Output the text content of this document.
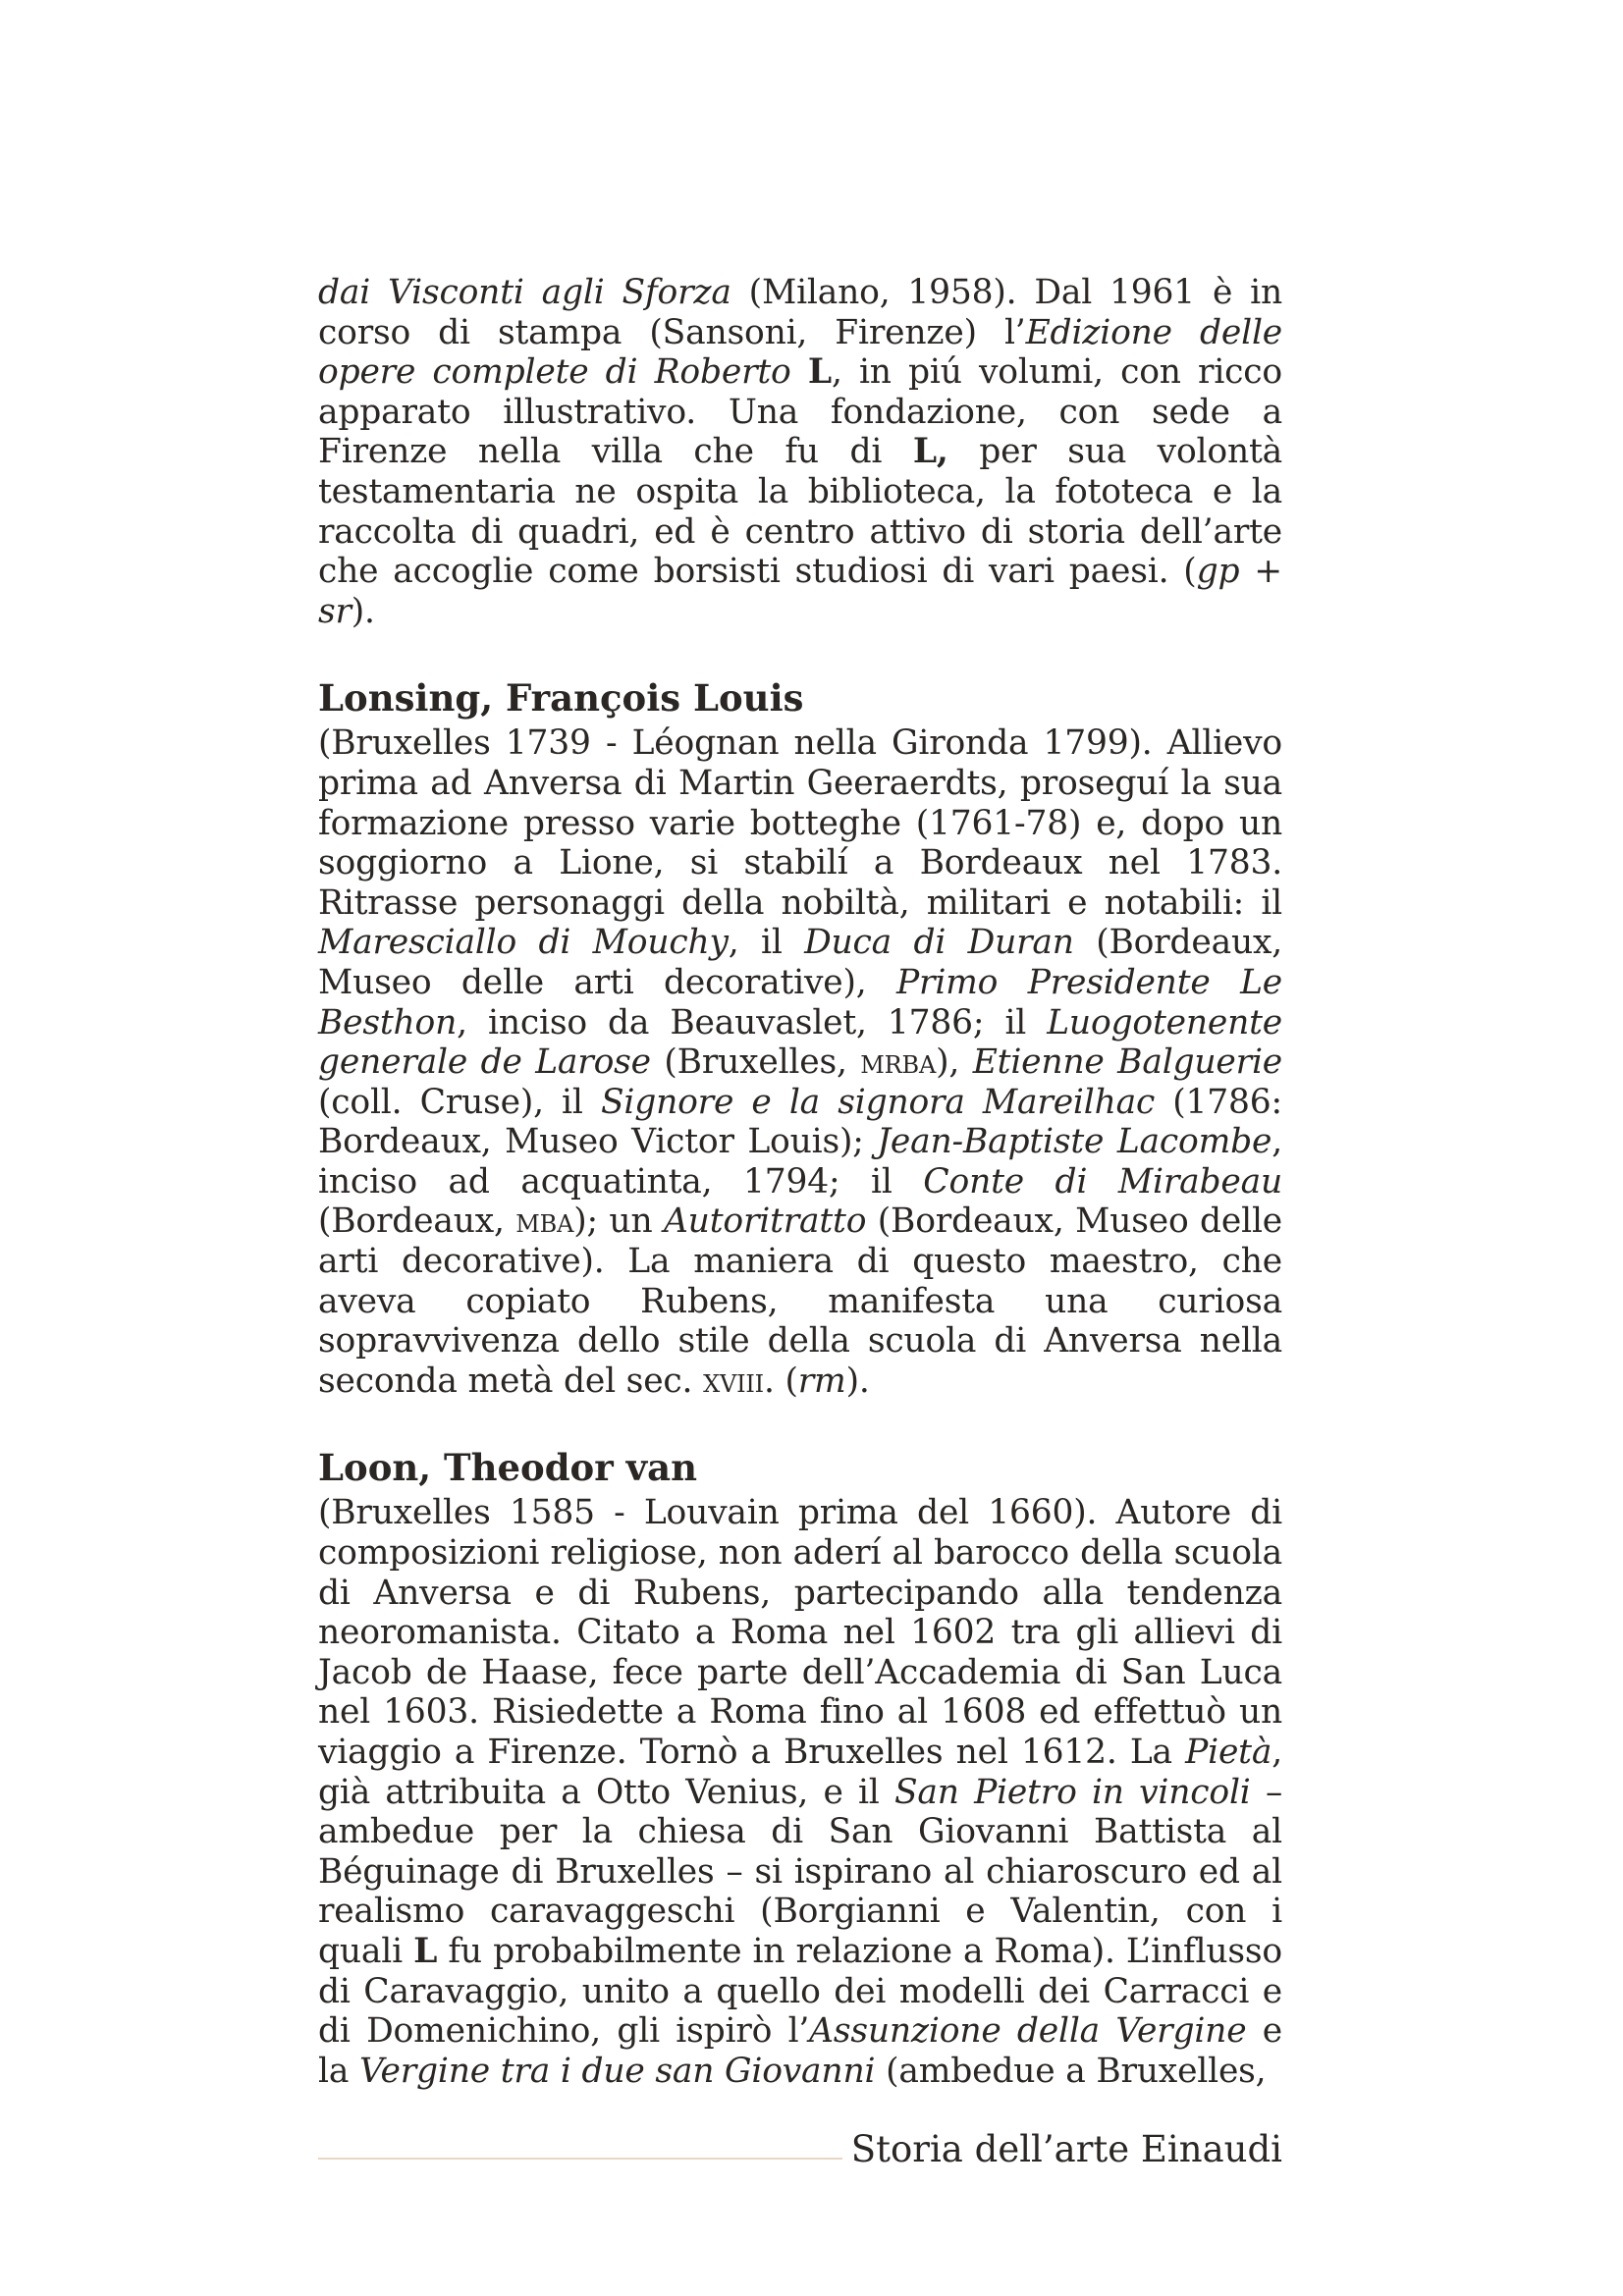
dai Visconti agli Sforza (Milano, 1958). Dal 1961 è in corso di stampa (Sansoni, Firenze) l’Edizione delle opere complete di Roberto L, in piú volumi, con ricco apparato illustrativo. Una fondazione, con sede a Firenze nella villa che fu di L, per sua volontà testamentaria ne ospita la biblioteca, la fototeca e la raccolta di quadri, ed è centro attivo di storia dell’arte che accoglie come borsisti studiosi di vari paesi. (gp + sr).

Lonsing, François Louis

(Bruxelles 1739 - Léognan nella Gironda 1799). Allievo prima ad Anversa di Martin Geeraerdts, proseguí la sua formazione presso varie botteghe (1761-78) e, dopo un soggiorno a Lione, si stabilí a Bordeaux nel 1783. Ritrasse personaggi della nobiltà, militari e notabili: il Maresciallo di Mouchy, il Duca di Duran (Bordeaux, Museo delle arti decorative), Primo Presidente Le Besthon, inciso da Beauvaslet, 1786; il Luogotenente generale de Larose (Bruxelles, mrba), Etienne Balguerie (coll. Cruse), il Signore e la signora Mareilhac (1786: Bordeaux, Museo Victor Louis); Jean-Baptiste Lacombe, inciso ad acquatinta, 1794; il Conte di Mirabeau (Bordeaux, mba); un Autoritratto (Bordeaux, Museo delle arti decorative). La maniera di questo maestro, che aveva copiato Rubens, manifesta una curiosa sopravvivenza dello stile della scuola di Anversa nella seconda metà del sec. xviii. (rm).

Loon, Theodor van

(Bruxelles 1585 - Louvain prima del 1660). Autore di composizioni religiose, non aderí al barocco della scuola di Anversa e di Rubens, partecipando alla tendenza neoromanista. Citato a Roma nel 1602 tra gli allievi di Jacob de Haase, fece parte dell’Accademia di San Luca nel 1603. Risiedette a Roma fino al 1608 ed effettuò un viaggio a Firenze. Tornò a Bruxelles nel 1612. La Pietà, già attribuita a Otto Venius, e il San Pietro in vincoli – ambedue per la chiesa di San Giovanni Battista al Béguinage di Bruxelles – si ispirano al chiaroscuro ed al realismo caravaggeschi (Borgianni e Valentin, con i quali L fu probabilmente in relazione a Roma). L’influsso di Caravaggio, unito a quello dei modelli dei Carracci e di Domenichino, gli ispirò l’Assunzione della Vergine e la Vergine tra i due san Giovanni (ambedue a Bruxelles,

Storia dell’arte Einaudi
